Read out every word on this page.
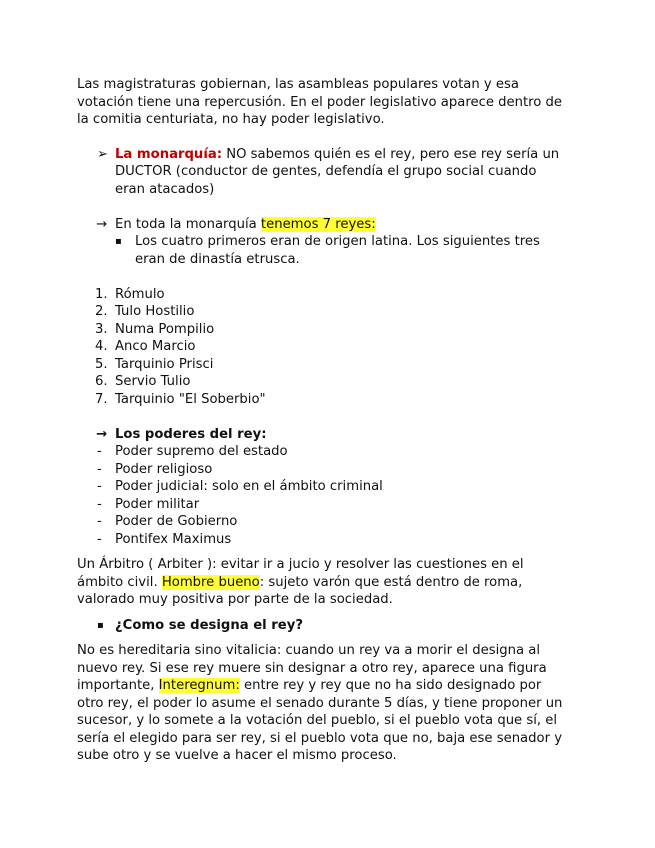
Las magistraturas gobiernan, las asambleas populares votan y esa votación tiene una repercusión. En el poder legislativo aparece dentro de la comitia centuriata, no hay poder legislativo.

➢ La monarquía: NO sabemos quién es el rey, pero ese rey sería un DUCTOR (conductor de gentes, defendía el grupo social cuando eran atacados)
→ En toda la monarquía tenemos 7 reyes:
▪	Los cuatro primeros eran de origen latina. Los siguientes tres eran de dinastía etrusca.
1. Rómulo
2. Tulo Hostilio
3. Numa Pompilio
4. Anco Marcio
5. Tarquinio Prisci
6. Servio Tulio
7. Tarquinio "El Soberbio"
→ Los poderes del rey:
-	Poder supremo del estado
-	Poder religioso
-	Poder judicial: solo en el ámbito criminal
-	Poder militar
-	Poder de Gobierno
-	Pontifex Maximus

Un Árbitro ( Arbiter ): evitar ir a jucio y resolver las cuestiones en el ámbito civil. Hombre bueno: sujeto varón que está dentro de roma, valorado muy positiva por parte de la sociedad.

▪ ¿Como se designa el rey?

No es hereditaria sino vitalicia: cuando un rey va a morir el designa al nuevo rey. Si ese rey muere sin designar a otro rey, aparece una figura importante, Interegnum: entre rey y rey que no ha sido designado por otro rey, el poder lo asume el senado durante 5 días, y tiene proponer un sucesor, y lo somete a la votación del pueblo, si el pueblo vota que sí, el sería el elegido para ser rey, si el pueblo vota que no, baja ese senador y sube otro y se vuelve a hacer el mismo proceso.
